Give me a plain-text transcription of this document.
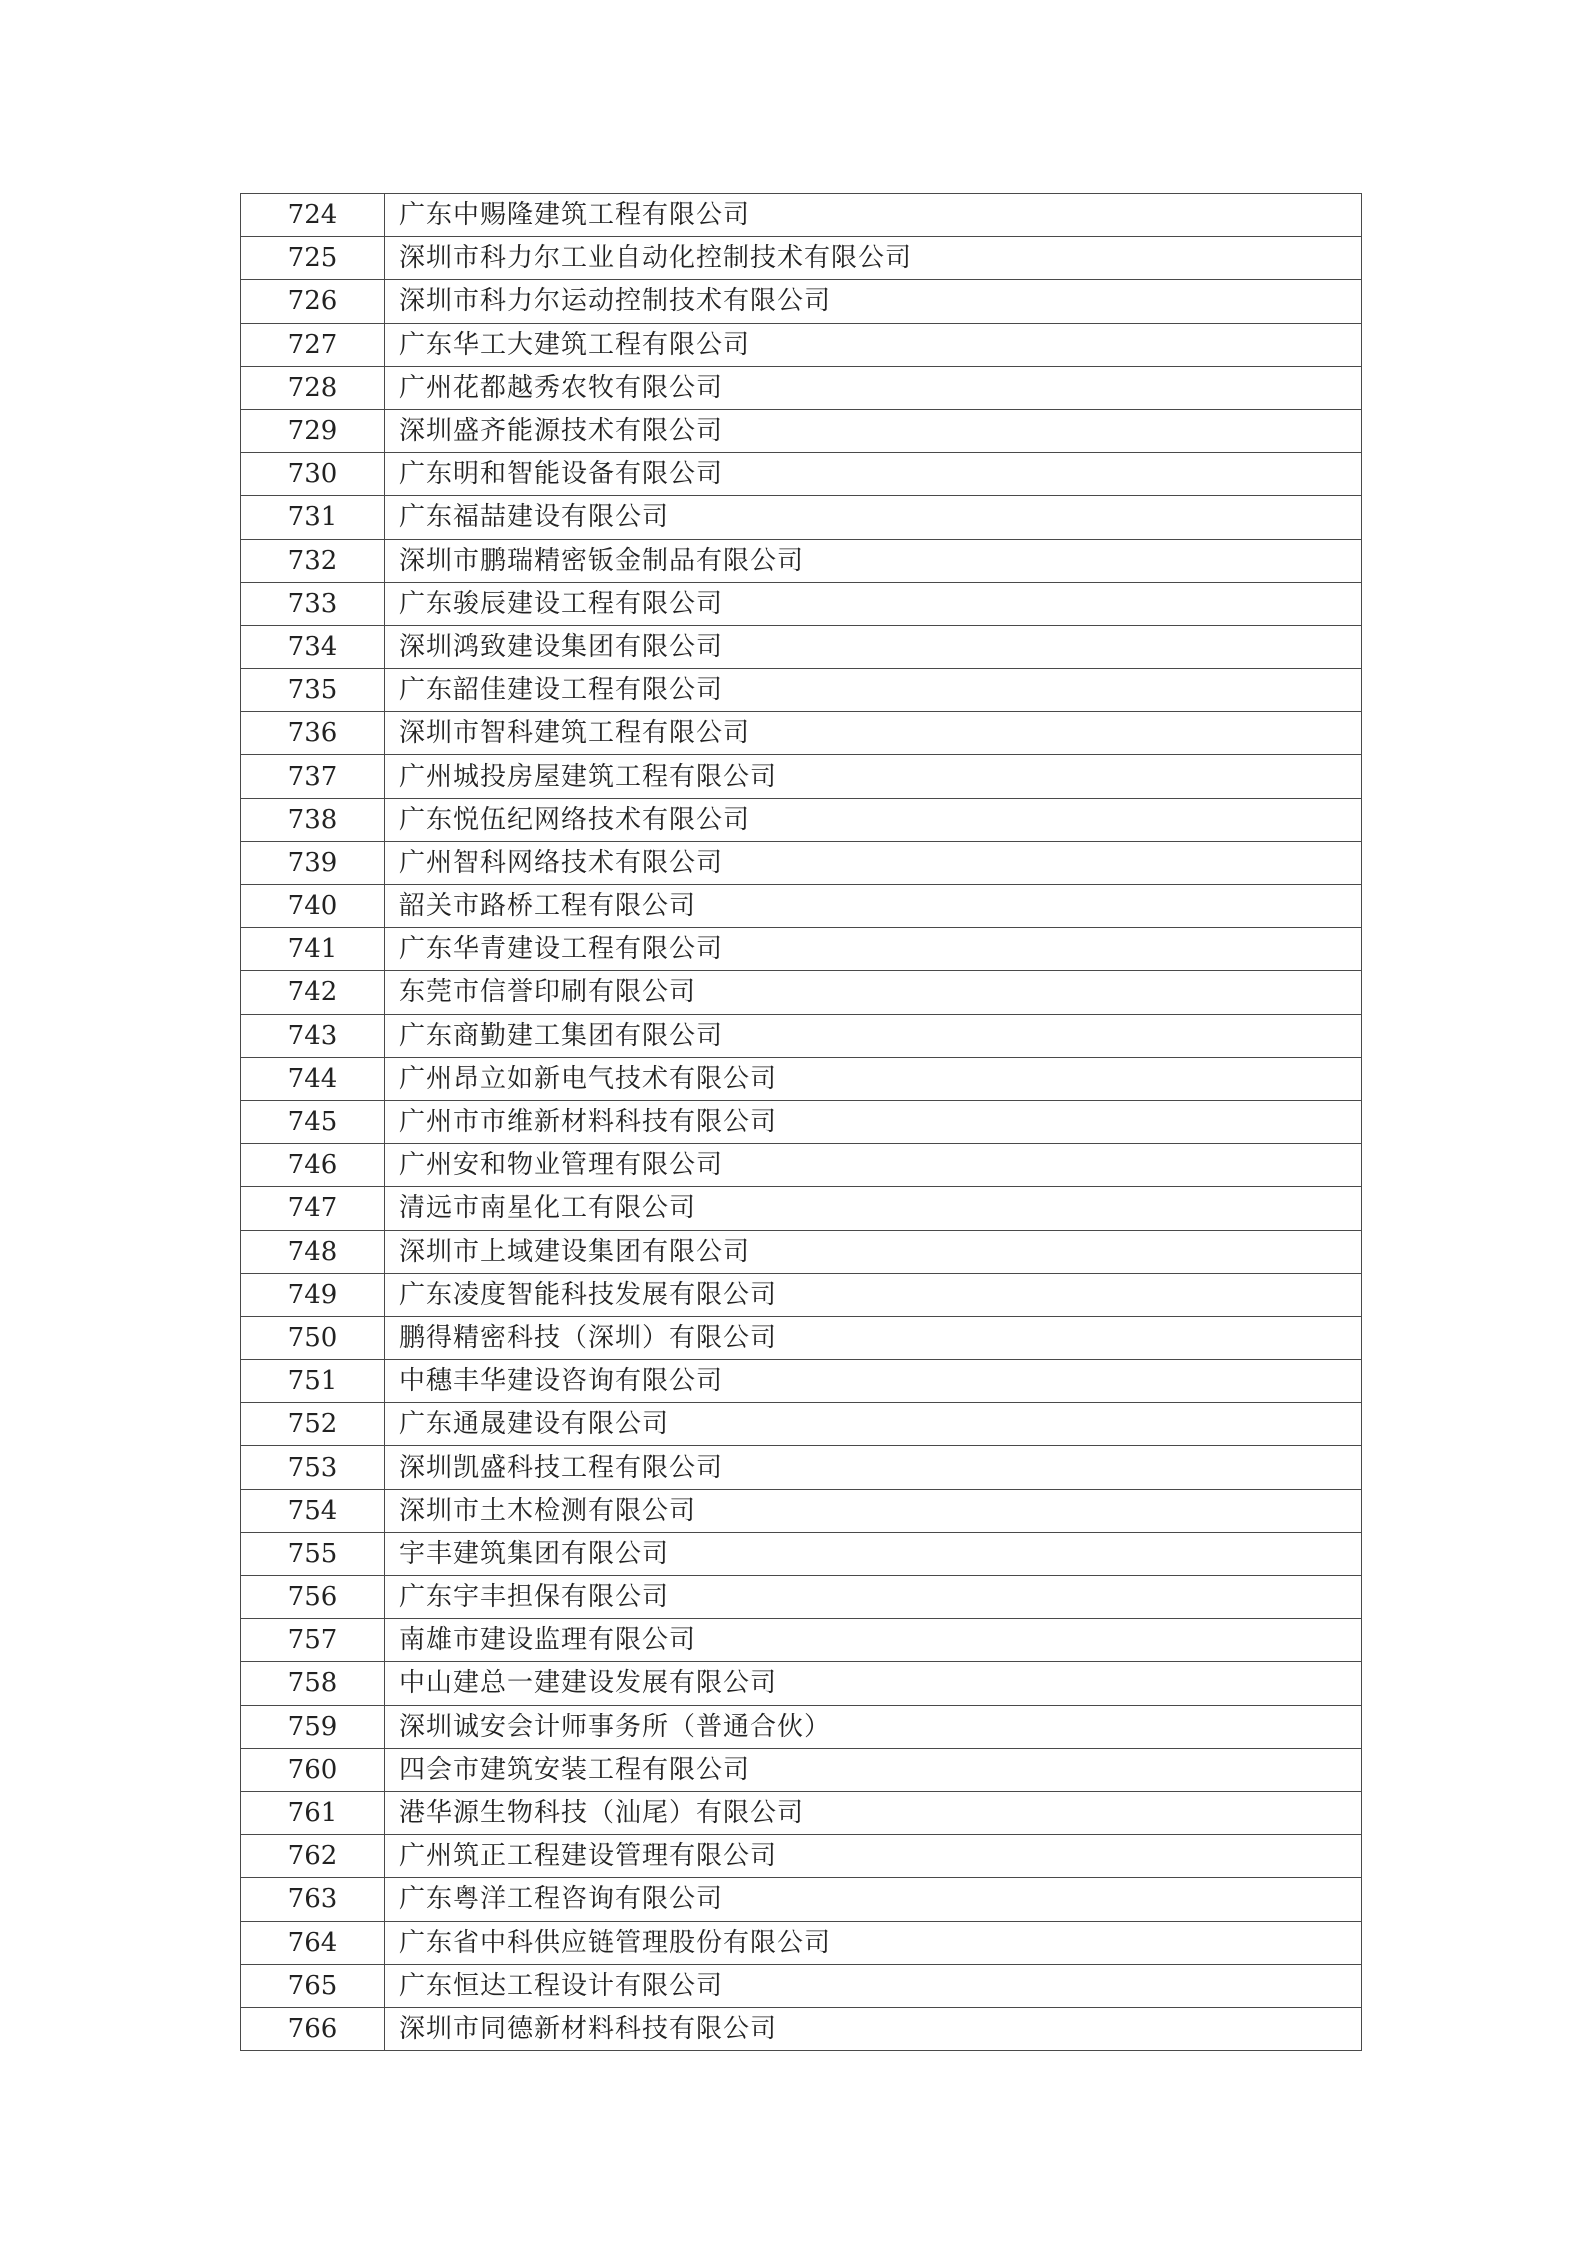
724	广东中赐隆建筑工程有限公司
725	深圳市科力尔工业自动化控制技术有限公司
726	深圳市科力尔运动控制技术有限公司
727	广东华工大建筑工程有限公司
728	广州花都越秀农牧有限公司
729	深圳盛齐能源技术有限公司
730	广东明和智能设备有限公司
731	广东福喆建设有限公司
732	深圳市鹏瑞精密钣金制品有限公司
733	广东骏辰建设工程有限公司
734	深圳鸿致建设集团有限公司
735	广东韶佳建设工程有限公司
736	深圳市智科建筑工程有限公司
737	广州城投房屋建筑工程有限公司
738	广东悦伍纪网络技术有限公司
739	广州智科网络技术有限公司
740	韶关市路桥工程有限公司
741	广东华青建设工程有限公司
742	东莞市信誉印刷有限公司
743	广东商勤建工集团有限公司
744	广州昂立如新电气技术有限公司
745	广州市市维新材料科技有限公司
746	广州安和物业管理有限公司
747	清远市南星化工有限公司
748	深圳市上域建设集团有限公司
749	广东凌度智能科技发展有限公司
750	鹏得精密科技（深圳）有限公司
751	中穗丰华建设咨询有限公司
752	广东通晟建设有限公司
753	深圳凯盛科技工程有限公司
754	深圳市土木检测有限公司
755	宇丰建筑集团有限公司
756	广东宇丰担保有限公司
757	南雄市建设监理有限公司
758	中山建总一建建设发展有限公司
759	深圳诚安会计师事务所（普通合伙）
760	四会市建筑安装工程有限公司
761	港华源生物科技（汕尾）有限公司
762	广州筑正工程建设管理有限公司
763	广东粤洋工程咨询有限公司
764	广东省中科供应链管理股份有限公司
765	广东恒达工程设计有限公司
766	深圳市同德新材料科技有限公司
